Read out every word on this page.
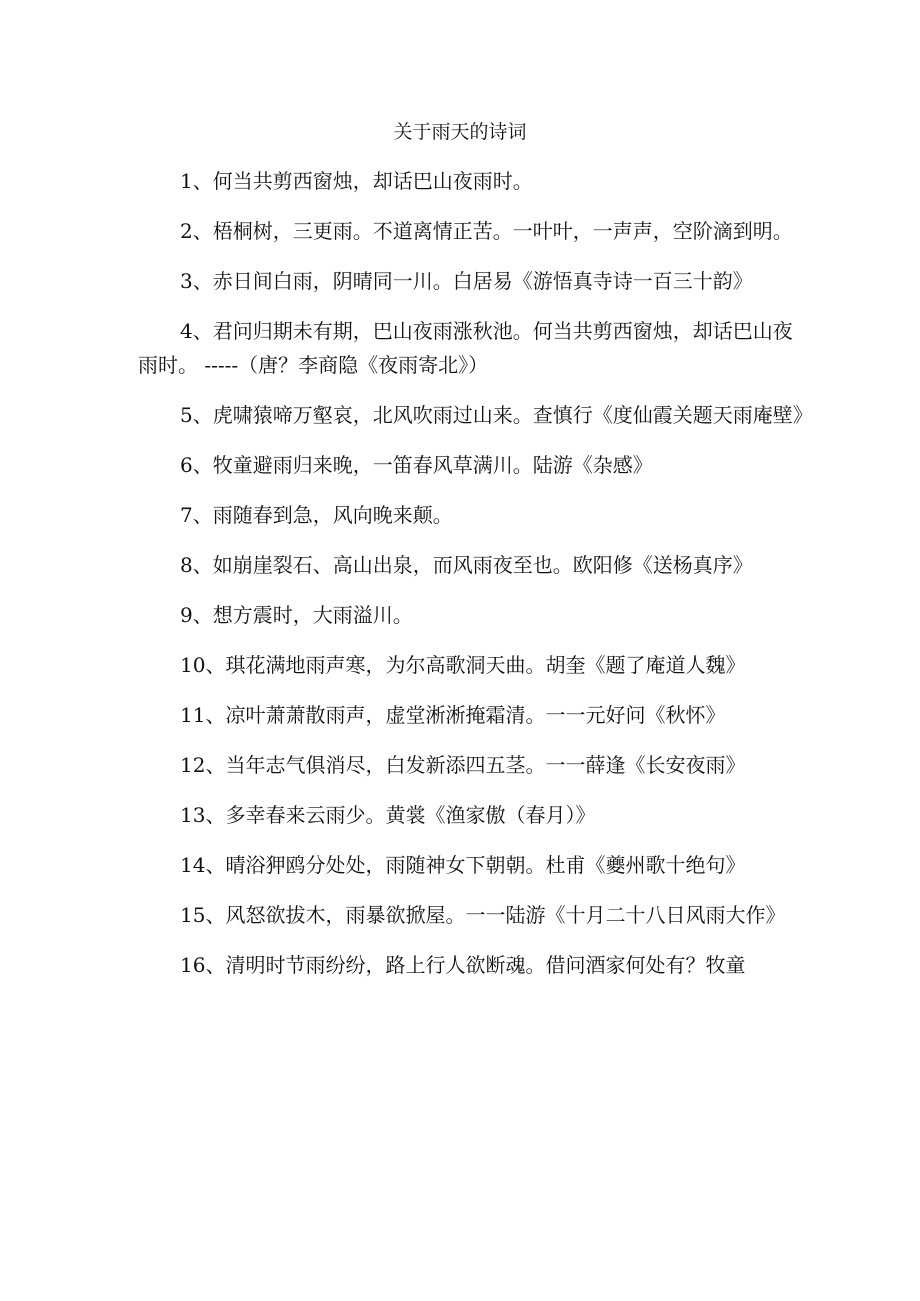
关于雨天的诗词

1、何当共剪西窗烛，却话巴山夜雨时。

2、梧桐树，三更雨。不道离情正苦。一叶叶，一声声，空阶滴到明。

3、赤日间白雨，阴晴同一川。白居易《游悟真寺诗一百三十韵》

4、君问归期未有期，巴山夜雨涨秋池。何当共剪西窗烛，却话巴山夜雨时。 -----（唐？李商隐《夜雨寄北》）

5、虎啸猿啼万壑哀，北风吹雨过山来。查慎行《度仙霞关题天雨庵壁》

6、牧童避雨归来晚，一笛春风草满川。陆游《杂感》

7、雨随春到急，风向晚来颠。

8、如崩崖裂石、高山出泉，而风雨夜至也。欧阳修《送杨真序》

9、想方震时，大雨溢川。

10、琪花满地雨声寒，为尔高歌洞天曲。胡奎《题了庵道人魏》

11、凉叶萧萧散雨声，虚堂淅淅掩霜清。一一元好问《秋怀》

12、当年志气俱消尽，白发新添四五茎。一一薛逢《长安夜雨》

13、多幸春来云雨少。黄裳《渔家傲（春月）》

14、晴浴狎鸥分处处，雨随神女下朝朝。杜甫《夔州歌十绝句》

15、风怒欲拔木，雨暴欲掀屋。一一陆游《十月二十八日风雨大作》

16、清明时节雨纷纷，路上行人欲断魂。借问酒家何处有？牧童
